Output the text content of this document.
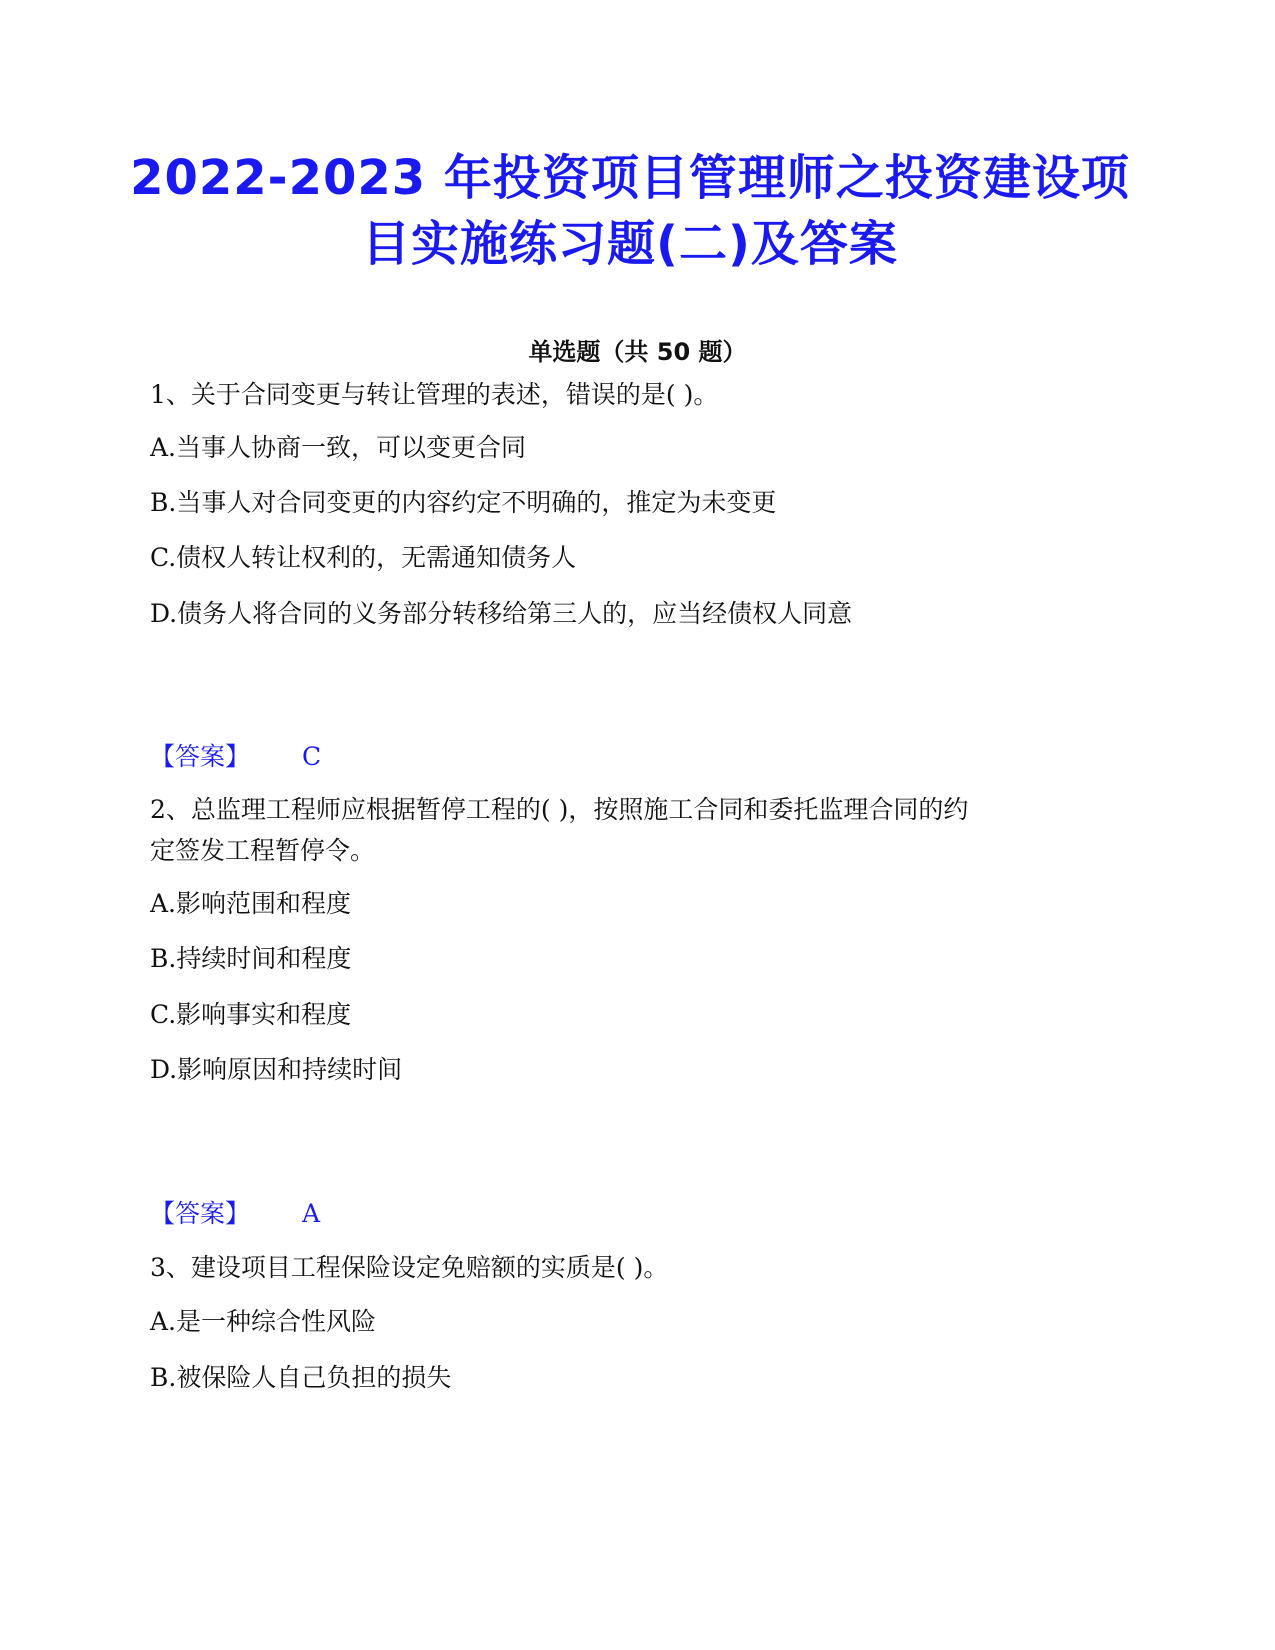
2022-2023 年投资项目管理师之投资建设项
目实施练习题(二)及答案
单选题（共 50 题）
1、关于合同变更与转让管理的表述，错误的是( )。
A.当事人协商一致，可以变更合同
B.当事人对合同变更的内容约定不明确的，推定为未变更
C.债权人转让权利的，无需通知债务人
D.债务人将合同的义务部分转移给第三人的，应当经债权人同意
【答案】 C
2、总监理工程师应根据暂停工程的( )，按照施工合同和委托监理合同的约
定签发工程暂停令。
A.影响范围和程度
B.持续时间和程度
C.影响事实和程度
D.影响原因和持续时间
【答案】 A
3、建设项目工程保险设定免赔额的实质是( )。
A.是一种综合性风险
B.被保险人自己负担的损失
